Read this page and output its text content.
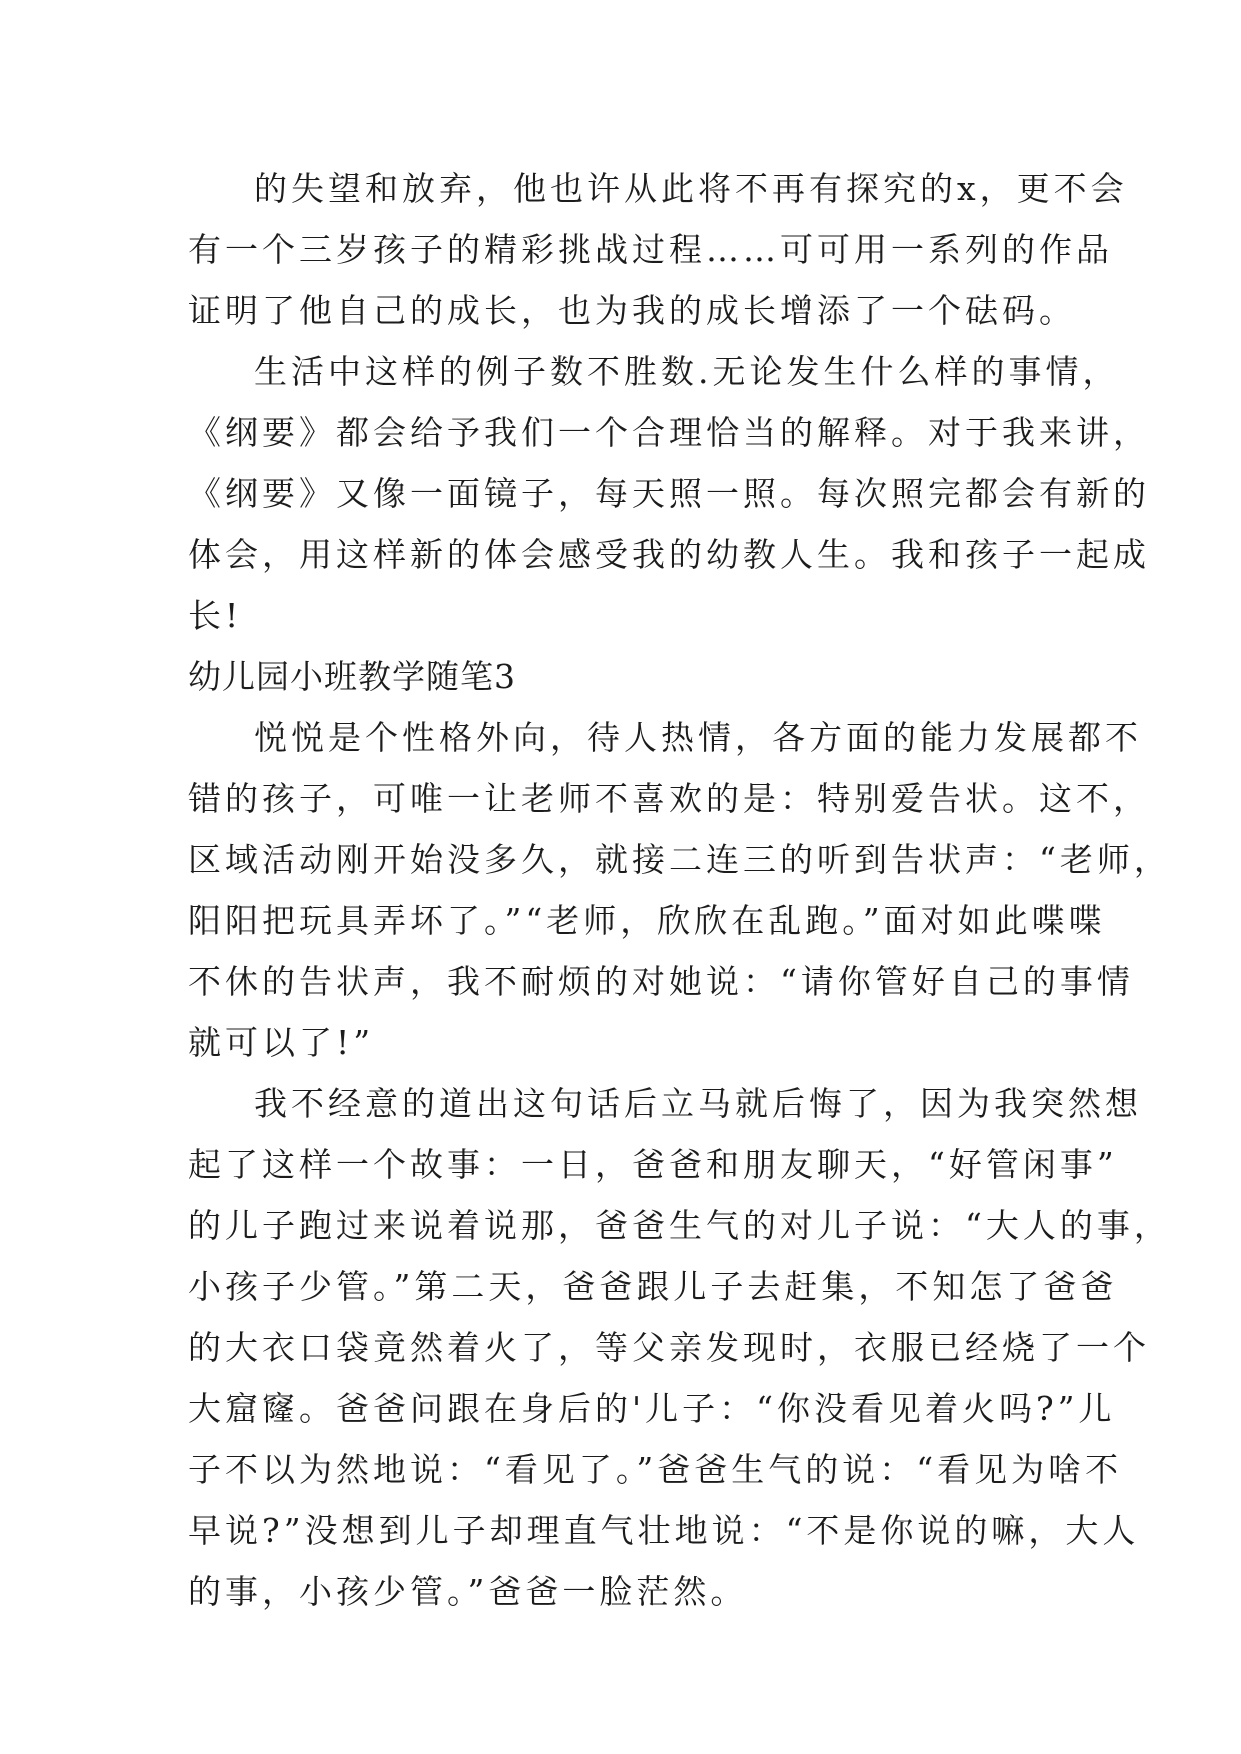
的失望和放弃，他也许从此将不再有探究的x，更不会
有一个三岁孩子的精彩挑战过程……可可用一系列的作品
证明了他自己的成长，也为我的成长增添了一个砝码。
生活中这样的例子数不胜数.无论发生什么样的事情，
《纲要》都会给予我们一个合理恰当的解释。对于我来讲，
《纲要》又像一面镜子，每天照一照。每次照完都会有新的
体会，用这样新的体会感受我的幼教人生。我和孩子一起成
长!
幼儿园小班教学随笔3
悦悦是个性格外向，待人热情，各方面的能力发展都不
错的孩子，可唯一让老师不喜欢的是：特别爱告状。这不，
区域活动刚开始没多久，就接二连三的听到告状声：“老师，
阳阳把玩具弄坏了。”“老师，欣欣在乱跑。”面对如此喋喋
不休的告状声，我不耐烦的对她说：“请你管好自己的事情
就可以了!”
我不经意的道出这句话后立马就后悔了，因为我突然想
起了这样一个故事：一日，爸爸和朋友聊天，“好管闲事”
的儿子跑过来说着说那，爸爸生气的对儿子说：“大人的事，
小孩子少管。”第二天，爸爸跟儿子去赶集，不知怎了爸爸
的大衣口袋竟然着火了，等父亲发现时，衣服已经烧了一个
大窟窿。爸爸问跟在身后的'儿子：“你没看见着火吗?”儿
子不以为然地说：“看见了。”爸爸生气的说：“看见为啥不
早说?”没想到儿子却理直气壮地说：“不是你说的嘛，大人
的事，小孩少管。”爸爸一脸茫然。
